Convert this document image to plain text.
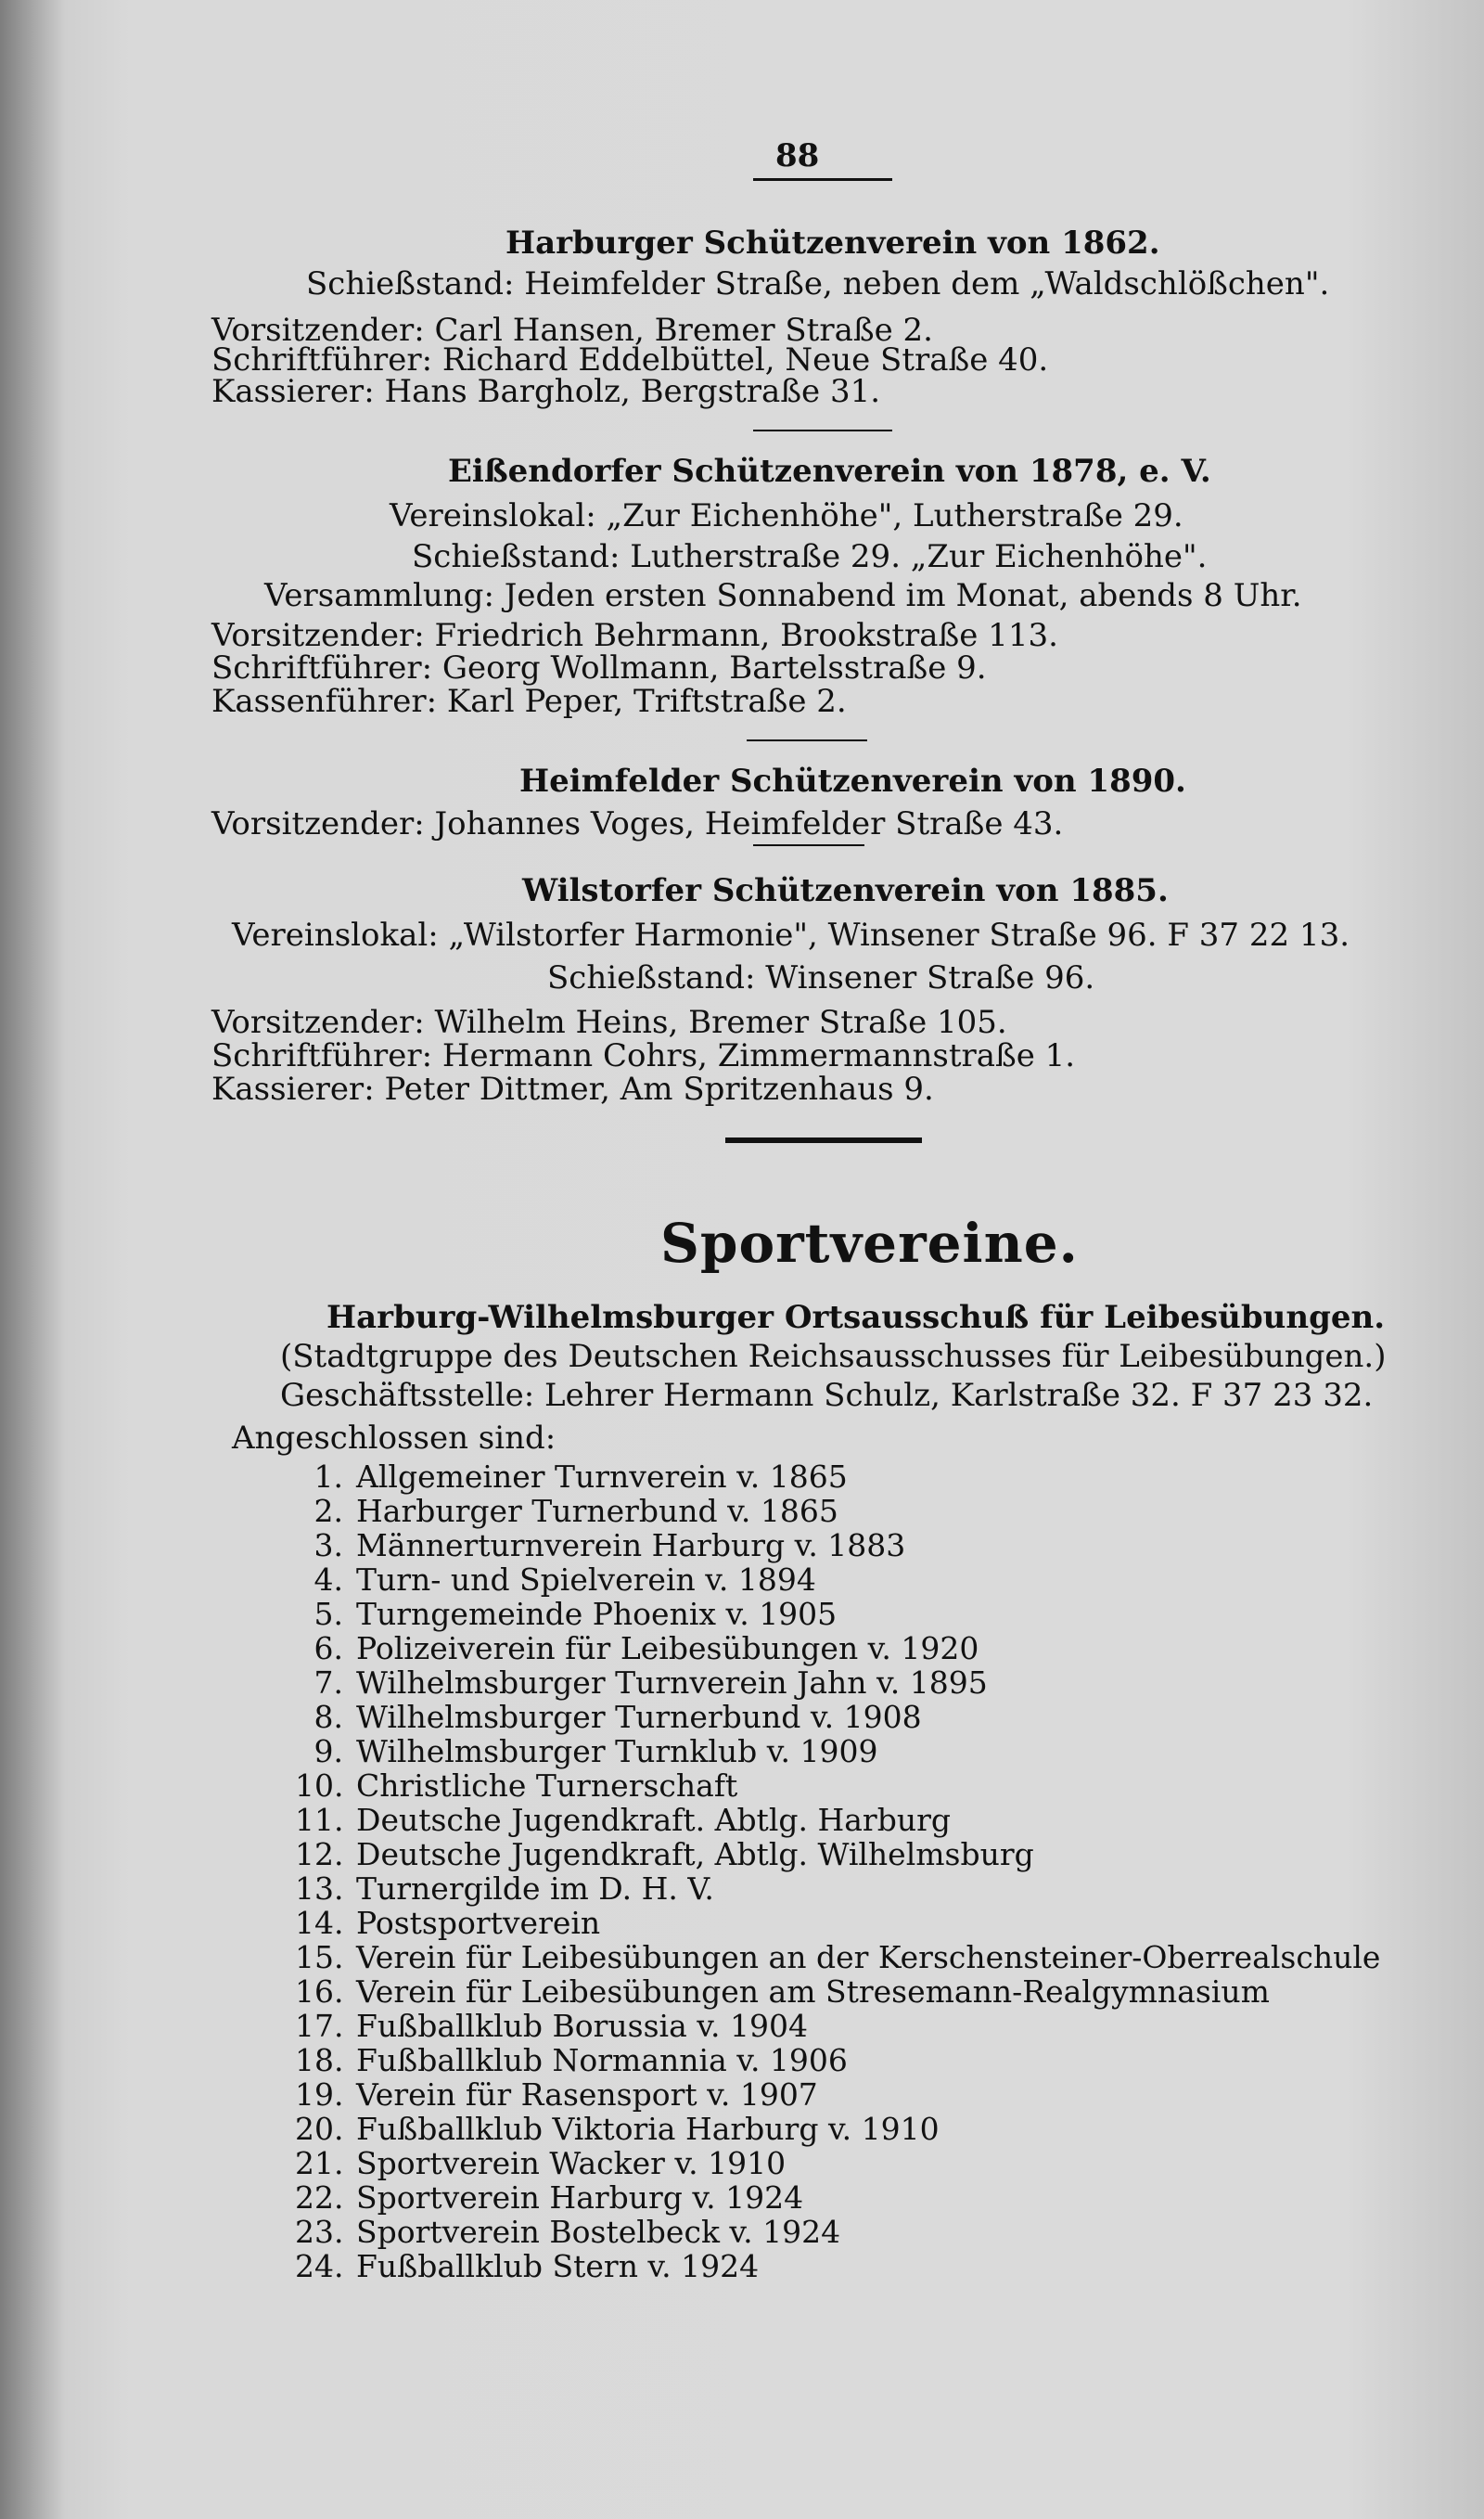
88
Harburger Schützenverein von 1862.
Schießstand: Heimfelder Straße, neben dem „Waldschlößchen".
Vorsitzender: Carl Hansen, Bremer Straße 2.
Schriftführer: Richard Eddelbüttel, Neue Straße 40.
Kassierer: Hans Bargholz, Bergstraße 31.
Eißendorfer Schützenverein von 1878, e. V.
Vereinslokal: „Zur Eichenhöhe", Lutherstraße 29.
Schießstand: Lutherstraße 29. „Zur Eichenhöhe".
Versammlung: Jeden ersten Sonnabend im Monat, abends 8 Uhr.
Vorsitzender: Friedrich Behrmann, Brookstraße 113.
Schriftführer: Georg Wollmann, Bartelsstraße 9.
Kassenführer: Karl Peper, Triftstraße 2.
Heimfelder Schützenverein von 1890.
Vorsitzender: Johannes Voges, Heimfelder Straße 43.
Wilstorfer Schützenverein von 1885.
Vereinslokal: „Wilstorfer Harmonie", Winsener Straße 96. F 37 22 13.
Schießstand: Winsener Straße 96.
Vorsitzender: Wilhelm Heins, Bremer Straße 105.
Schriftführer: Hermann Cohrs, Zimmermannstraße 1.
Kassierer: Peter Dittmer, Am Spritzenhaus 9.
Sportvereine.
Harburg-Wilhelmsburger Ortsausschuß für Leibesübungen.
(Stadtgruppe des Deutschen Reichsausschusses für Leibesübungen.)
Geschäftsstelle: Lehrer Hermann Schulz, Karlstraße 32. F 37 23 32.
Angeschlossen sind:
1. Allgemeiner Turnverein v. 1865
2. Harburger Turnerbund v. 1865
3. Männerturnverein Harburg v. 1883
4. Turn- und Spielverein v. 1894
5. Turngemeinde Phoenix v. 1905
6. Polizeiverein für Leibesübungen v. 1920
7. Wilhelmsburger Turnverein Jahn v. 1895
8. Wilhelmsburger Turnerbund v. 1908
9. Wilhelmsburger Turnklub v. 1909
10. Christliche Turnerschaft
11. Deutsche Jugendkraft. Abtlg. Harburg
12. Deutsche Jugendkraft, Abtlg. Wilhelmsburg
13. Turnergilde im D. H. V.
14. Postsportverein
15. Verein für Leibesübungen an der Kerschensteiner-Oberrealschule
16. Verein für Leibesübungen am Stresemann-Realgymnasium
17. Fußballklub Borussia v. 1904
18. Fußballklub Normannia v. 1906
19. Verein für Rasensport v. 1907
20. Fußballklub Viktoria Harburg v. 1910
21. Sportverein Wacker v. 1910
22. Sportverein Harburg v. 1924
23. Sportverein Bostelbeck v. 1924
24. Fußballklub Stern v. 1924
